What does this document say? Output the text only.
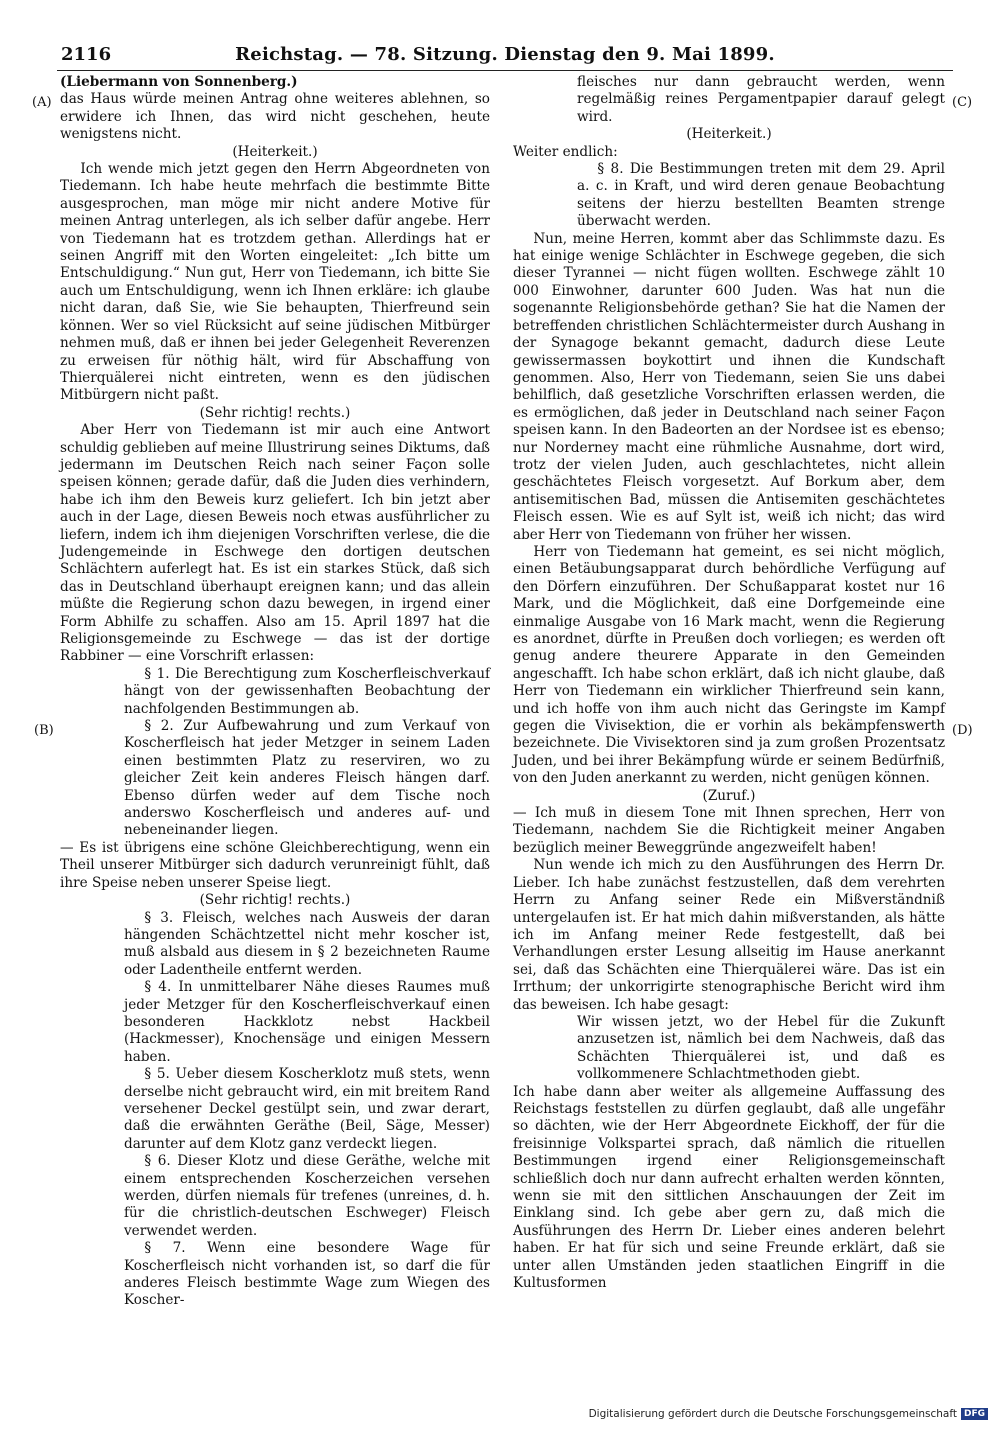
2116	Reichstag. — 78. Sitzung. Dienstag den 9. Mai 1899.
(A)
(B)
(C)
(D)

(Liebermann von Sonnenberg.)

das Haus würde meinen Antrag ohne weiteres ablehnen, so erwidere ich Ihnen, das wird nicht geschehen, heute wenigstens nicht.

(Heiterkeit.)

Ich wende mich jetzt gegen den Herrn Abgeordneten von Tiedemann. Ich habe heute mehrfach die bestimmte Bitte ausgesprochen, man möge mir nicht andere Motive für meinen Antrag unterlegen, als ich selber dafür angebe. Herr von Tiedemann hat es trotzdem gethan. Allerdings hat er seinen Angriff mit den Worten eingeleitet: „Ich bitte um Entschuldigung.“ Nun gut, Herr von Tiedemann, ich bitte Sie auch um Entschuldigung, wenn ich Ihnen erkläre: ich glaube nicht daran, daß Sie, wie Sie behaupten, Thierfreund sein können. Wer so viel Rücksicht auf seine jüdischen Mitbürger nehmen muß, daß er ihnen bei jeder Gelegenheit Reverenzen zu erweisen für nöthig hält, wird für Abschaffung von Thierquälerei nicht eintreten, wenn es den jüdischen Mitbürgern nicht paßt.

(Sehr richtig! rechts.)

Aber Herr von Tiedemann ist mir auch eine Antwort schuldig geblieben auf meine Illustrirung seines Diktums, daß jedermann im Deutschen Reich nach seiner Façon solle speisen können; gerade dafür, daß die Juden dies verhindern, habe ich ihm den Beweis kurz geliefert. Ich bin jetzt aber auch in der Lage, diesen Beweis noch etwas ausführlicher zu liefern, indem ich ihm diejenigen Vorschriften verlese, die die Judengemeinde in Eschwege den dortigen deutschen Schlächtern auferlegt hat. Es ist ein starkes Stück, daß sich das in Deutschland überhaupt ereignen kann; und das allein müßte die Regierung schon dazu bewegen, in irgend einer Form Abhilfe zu schaffen. Also am 15. April 1897 hat die Religionsgemeinde zu Eschwege — das ist der dortige Rabbiner — eine Vorschrift erlassen:

§ 1. Die Berechtigung zum Koscherfleischverkauf hängt von der gewissenhaften Beobachtung der nachfolgenden Bestimmungen ab.

§ 2. Zur Aufbewahrung und zum Verkauf von Koscherfleisch hat jeder Metzger in seinem Laden einen bestimmten Platz zu reserviren, wo zu gleicher Zeit kein anderes Fleisch hängen darf. Ebenso dürfen weder auf dem Tische noch anderswo Koscherfleisch und anderes auf- und nebeneinander liegen.

— Es ist übrigens eine schöne Gleichberechtigung, wenn ein Theil unserer Mitbürger sich dadurch verunreinigt fühlt, daß ihre Speise neben unserer Speise liegt.

(Sehr richtig! rechts.)

§ 3. Fleisch, welches nach Ausweis der daran hängenden Schächtzettel nicht mehr koscher ist, muß alsbald aus diesem in § 2 bezeichneten Raume oder Ladentheile entfernt werden.

§ 4. In unmittelbarer Nähe dieses Raumes muß jeder Metzger für den Koscherfleischverkauf einen besonderen Hackklotz nebst Hackbeil (Hackmesser), Knochensäge und einigen Messern haben.

§ 5. Ueber diesem Koscherklotz muß stets, wenn derselbe nicht gebraucht wird, ein mit breitem Rand versehener Deckel gestülpt sein, und zwar derart, daß die erwähnten Geräthe (Beil, Säge, Messer) darunter auf dem Klotz ganz verdeckt liegen.

§ 6. Dieser Klotz und diese Geräthe, welche mit einem entsprechenden Koscherzeichen versehen werden, dürfen niemals für trefenes (unreines, d. h. für die christlich-deutschen Eschweger) Fleisch verwendet werden.

§ 7. Wenn eine besondere Wage für Koscherfleisch nicht vorhanden ist, so darf die für anderes Fleisch bestimmte Wage zum Wiegen des Koscher-

fleisches nur dann gebraucht werden, wenn regelmäßig reines Pergamentpapier darauf gelegt wird.

(Heiterkeit.)

Weiter endlich:

§ 8. Die Bestimmungen treten mit dem 29. April a. c. in Kraft, und wird deren genaue Beobachtung seitens der hierzu bestellten Beamten strenge überwacht werden.

Nun, meine Herren, kommt aber das Schlimmste dazu. Es hat einige wenige Schlächter in Eschwege gegeben, die sich dieser Tyrannei — nicht fügen wollten. Eschwege zählt 10 000 Einwohner, darunter 600 Juden. Was hat nun die sogenannte Religionsbehörde gethan? Sie hat die Namen der betreffenden christlichen Schlächtermeister durch Aushang in der Synagoge bekannt gemacht, dadurch diese Leute gewissermassen boykottirt und ihnen die Kundschaft genommen. Also, Herr von Tiedemann, seien Sie uns dabei behilflich, daß gesetzliche Vorschriften erlassen werden, die es ermöglichen, daß jeder in Deutschland nach seiner Façon speisen kann. In den Badeorten an der Nordsee ist es ebenso; nur Norderney macht eine rühmliche Ausnahme, dort wird, trotz der vielen Juden, auch geschlachtetes, nicht allein geschächtetes Fleisch vorgesetzt. Auf Borkum aber, dem antisemitischen Bad, müssen die Antisemiten geschächtetes Fleisch essen. Wie es auf Sylt ist, weiß ich nicht; das wird aber Herr von Tiedemann von früher her wissen.

Herr von Tiedemann hat gemeint, es sei nicht möglich, einen Betäubungsapparat durch behördliche Verfügung auf den Dörfern einzuführen. Der Schußapparat kostet nur 16 Mark, und die Möglichkeit, daß eine Dorfgemeinde eine einmalige Ausgabe von 16 Mark macht, wenn die Regierung es anordnet, dürfte in Preußen doch vorliegen; es werden oft genug andere theurere Apparate in den Gemeinden angeschafft. Ich habe schon erklärt, daß ich nicht glaube, daß Herr von Tiedemann ein wirklicher Thierfreund sein kann, und ich hoffe von ihm auch nicht das Geringste im Kampf gegen die Vivisektion, die er vorhin als bekämpfenswerth bezeichnete. Die Vivisektoren sind ja zum großen Prozentsatz Juden, und bei ihrer Bekämpfung würde er seinem Bedürfniß, von den Juden anerkannt zu werden, nicht genügen können.

(Zuruf.)

— Ich muß in diesem Tone mit Ihnen sprechen, Herr von Tiedemann, nachdem Sie die Richtigkeit meiner Angaben bezüglich meiner Beweggründe angezweifelt haben!

Nun wende ich mich zu den Ausführungen des Herrn Dr. Lieber. Ich habe zunächst festzustellen, daß dem verehrten Herrn zu Anfang seiner Rede ein Mißverständniß untergelaufen ist. Er hat mich dahin mißverstanden, als hätte ich im Anfang meiner Rede festgestellt, daß bei Verhandlungen erster Lesung allseitig im Hause anerkannt sei, daß das Schächten eine Thierquälerei wäre. Das ist ein Irrthum; der unkorrigirte stenographische Bericht wird ihm das beweisen. Ich habe gesagt:

Wir wissen jetzt, wo der Hebel für die Zukunft anzusetzen ist, nämlich bei dem Nachweis, daß das Schächten Thierquälerei ist, und daß es vollkommenere Schlachtmethoden giebt.

Ich habe dann aber weiter als allgemeine Auffassung des Reichstags feststellen zu dürfen geglaubt, daß alle ungefähr so dächten, wie der Herr Abgeordnete Eickhoff, der für die freisinnige Volkspartei sprach, daß nämlich die rituellen Bestimmungen irgend einer Religionsgemeinschaft schließlich doch nur dann aufrecht erhalten werden könnten, wenn sie mit den sittlichen Anschauungen der Zeit im Einklang sind. Ich gebe aber gern zu, daß mich die Ausführungen des Herrn Dr. Lieber eines anderen belehrt haben. Er hat für sich und seine Freunde erklärt, daß sie unter allen Umständen jeden staatlichen Eingriff in die Kultusformen

Digitalisierung gefördert durch die Deutsche Forschungsgemeinschaft DFG
